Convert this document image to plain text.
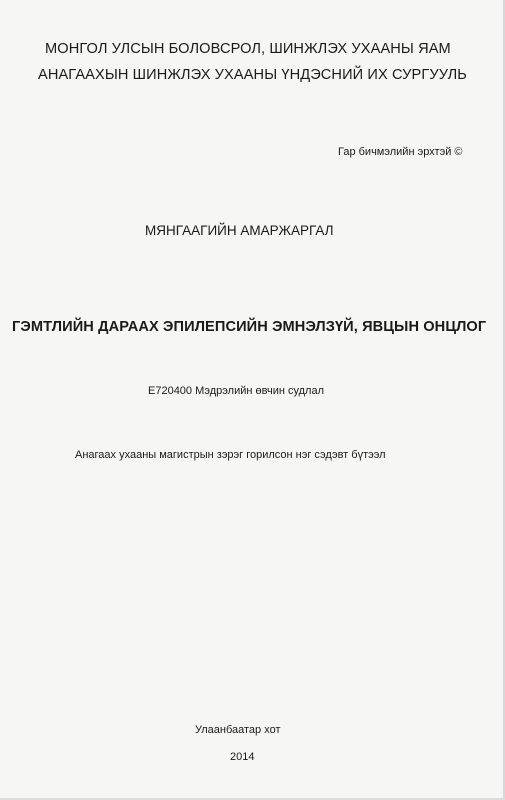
МОНГОЛ УЛСЫН БОЛОВСРОЛ, ШИНЖЛЭХ УХААНЫ ЯАМ
АНАГААХЫН ШИНЖЛЭХ УХААНЫ ҮНДЭСНИЙ ИХ СУРГУУЛЬ
Гар бичмэлийн эрхтэй ©
МЯНГААГИЙН АМАРЖАРГАЛ
ГЭМТЛИЙН ДАРААХ ЭПИЛЕПСИЙН ЭМНЭЛЗҮЙ, ЯВЦЫН ОНЦЛОГ
E720400 Мэдрэлийн өвчин судлал
Анагаах ухааны магистрын зэрэг горилсон нэг сэдэвт бүтээл
Улаанбаатар хот
2014
